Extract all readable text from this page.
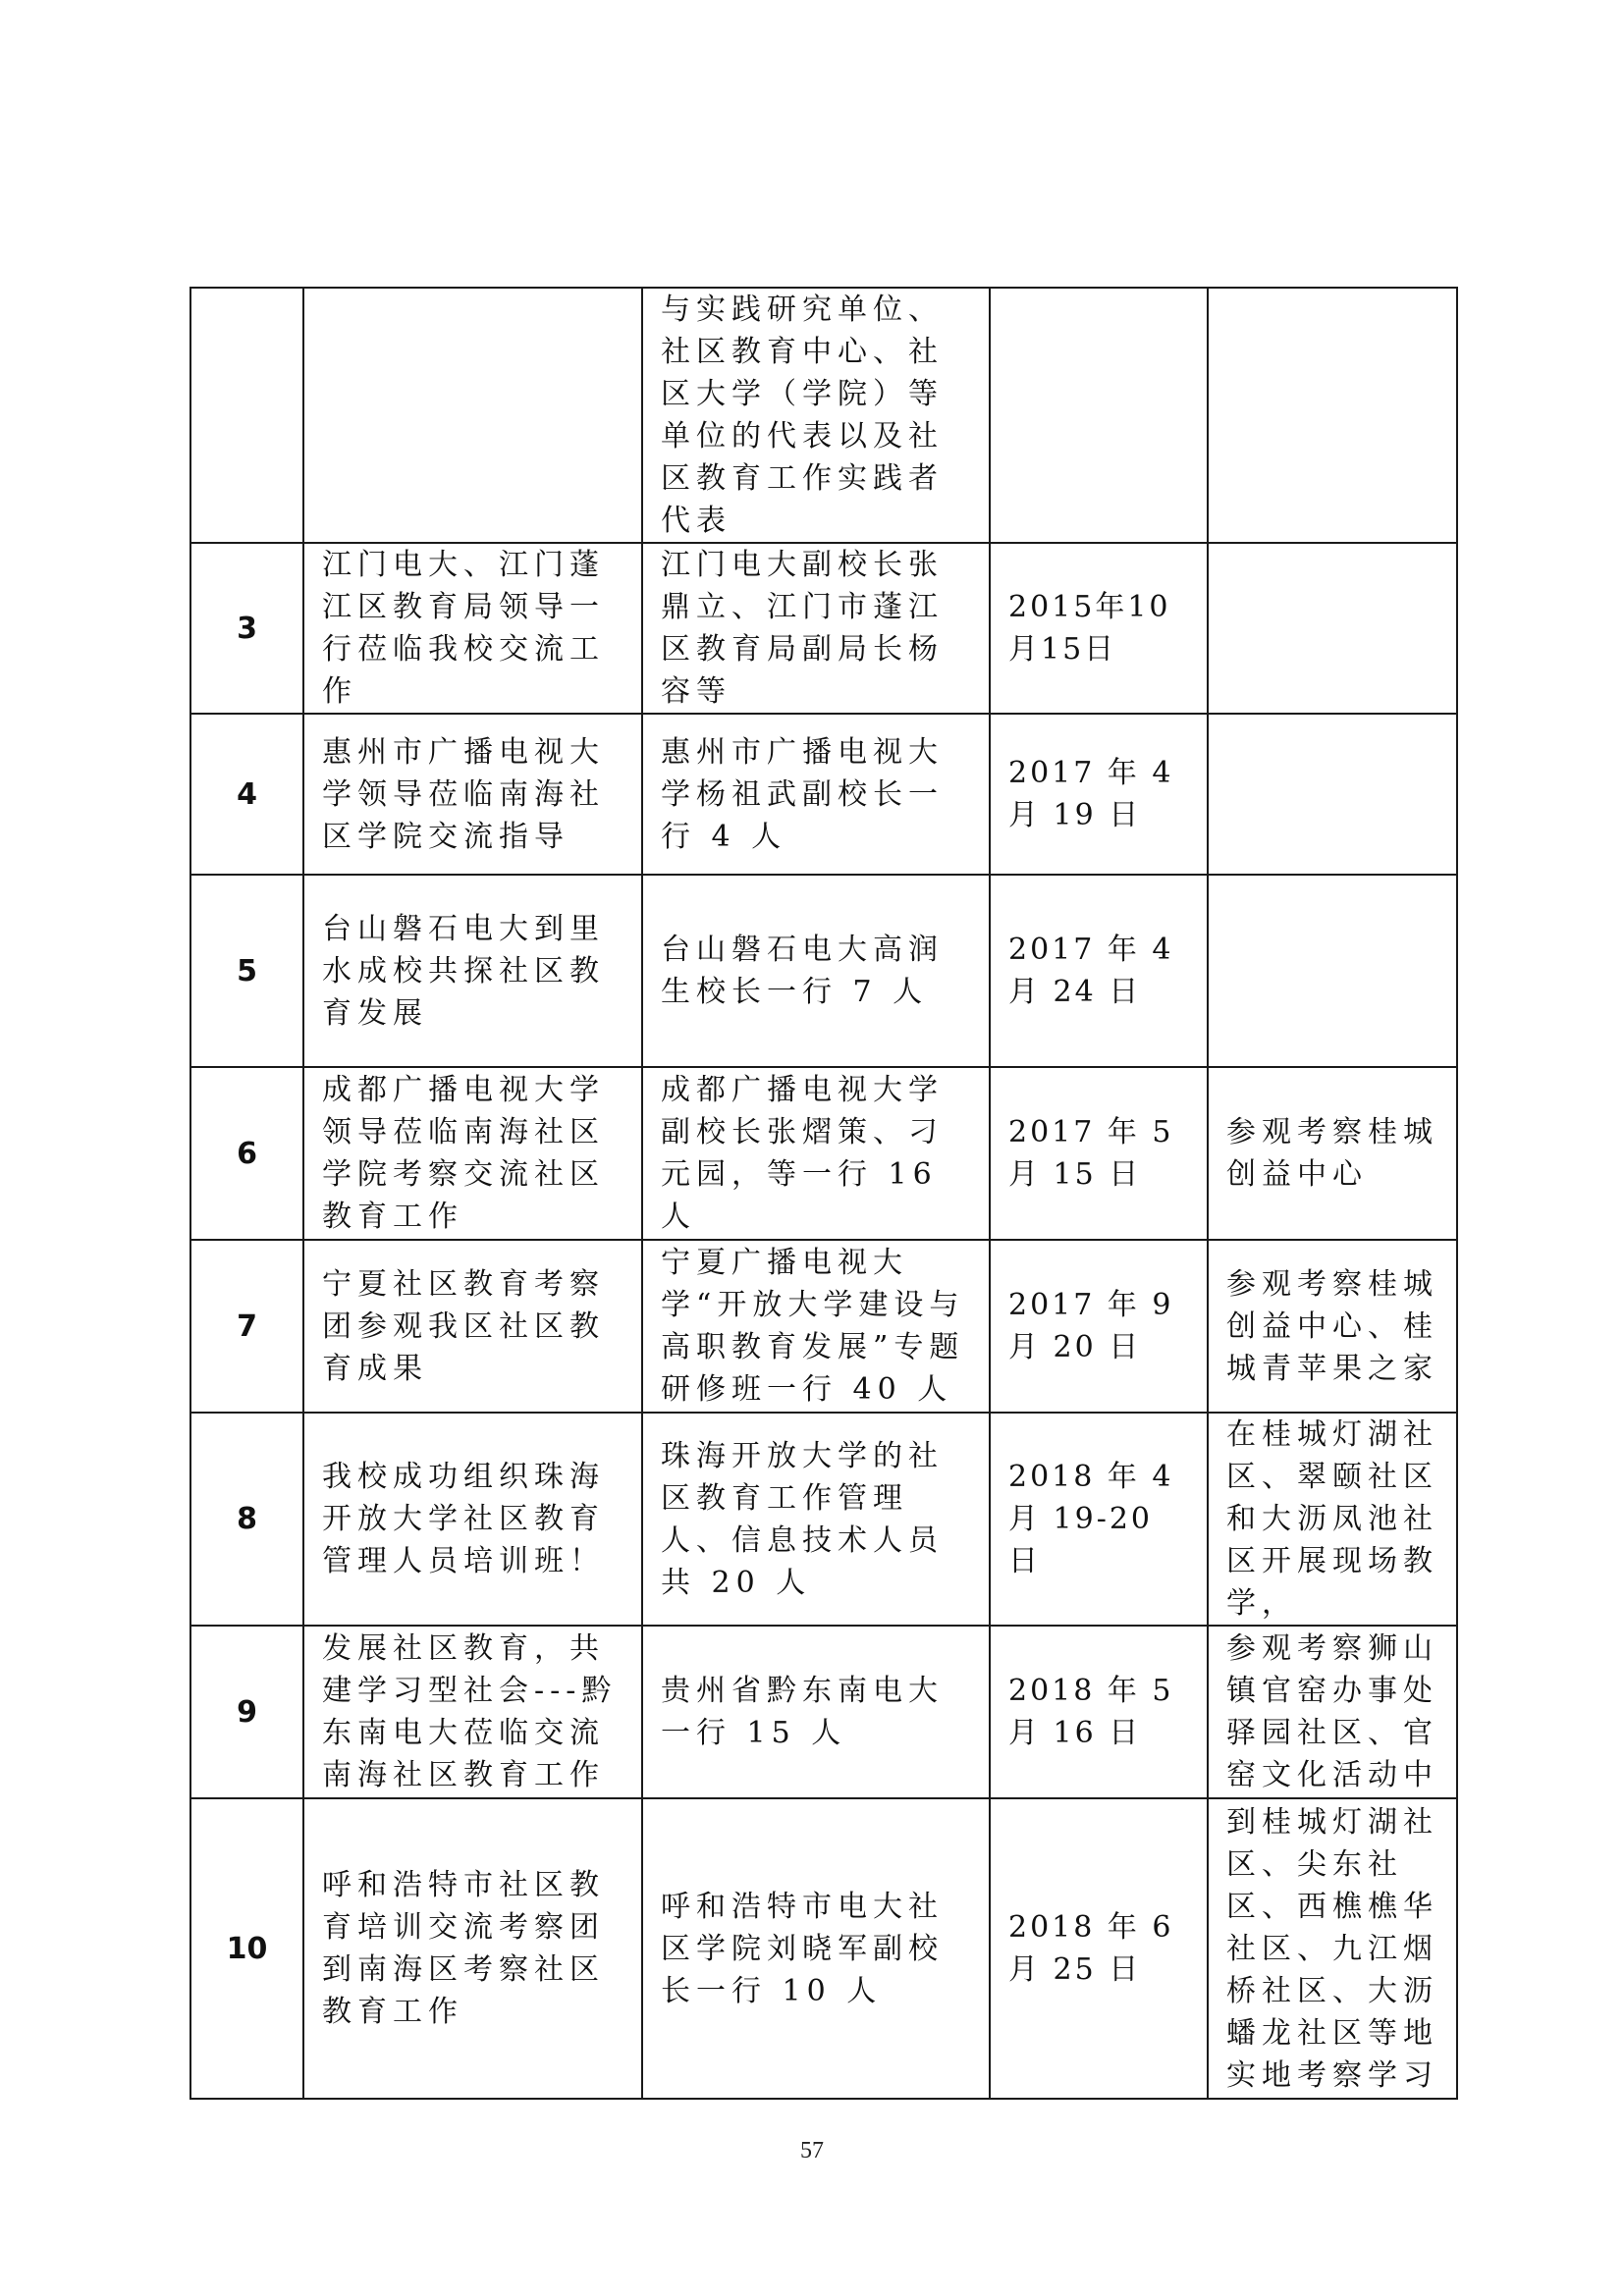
		与实践研究单位、社区教育中心、社区大学（学院）等单位的代表以及社区教育工作实践者代表		

3	江门电大、江门蓬江区教育局领导一行莅临我校交流工作	江门电大副校长张鼎立、江门市蓬江区教育局副局长杨容等	2015年10月15日	

4	惠州市广播电视大学领导莅临南海社区学院交流指导	惠州市广播电视大学杨祖武副校长一行 4 人	2017 年 4 月 19 日	

5	台山磐石电大到里水成校共探社区教育发展	台山磐石电大高润生校长一行 7 人	2017 年 4 月 24 日	

6	成都广播电视大学领导莅临南海社区学院考察交流社区教育工作	成都广播电视大学副校长张熠策、刁元园，等一行 16 人	2017 年 5 月 15 日	参观考察桂城创益中心

7	宁夏社区教育考察团参观我区社区教育成果	宁夏广播电视大学“开放大学建设与高职教育发展”专题研修班一行 40 人	2017 年 9 月 20 日	参观考察桂城创益中心、桂城青苹果之家

8	我校成功组织珠海开放大学社区教育管理人员培训班！	珠海开放大学的社区教育工作管理人、信息技术人员共 20 人	2018 年 4 月 19-20 日	在桂城灯湖社区、翠颐社区和大沥凤池社区开展现场教学，

9	发展社区教育，共建学习型社会---黔东南电大莅临交流南海社区教育工作	贵州省黔东南电大一行 15 人	2018 年 5 月 16 日	参观考察狮山镇官窑办事处驿园社区、官窑文化活动中

10	呼和浩特市社区教育培训交流考察团到南海区考察社区教育工作	呼和浩特市电大社区学院刘晓军副校长一行 10 人	2018 年 6 月 25 日	到桂城灯湖社区、尖东社区、西樵樵华社区、九江烟桥社区、大沥蟠龙社区等地实地考察学习
57
